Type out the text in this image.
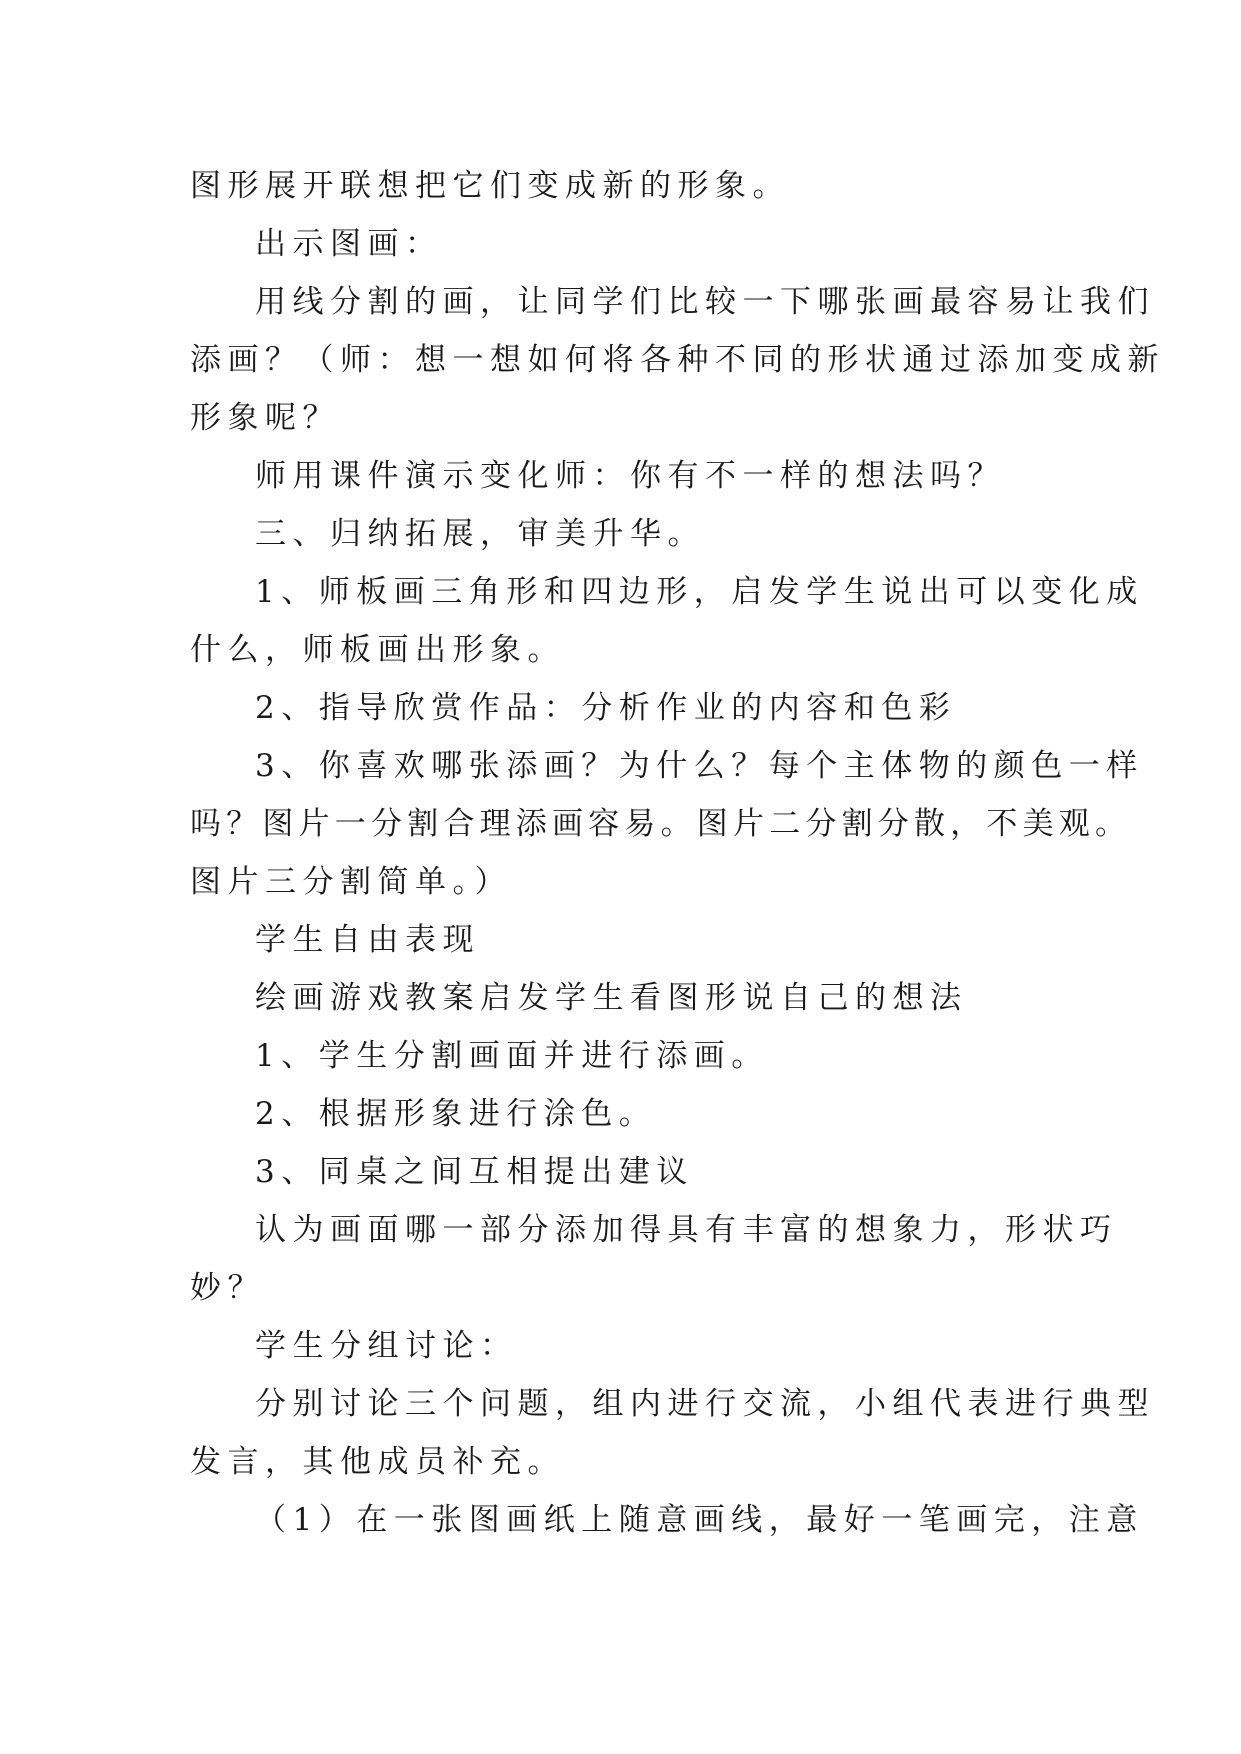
图形展开联想把它们变成新的形象。
出示图画：
用线分割的画，让同学们比较一下哪张画最容易让我们
添画？（师：想一想如何将各种不同的形状通过添加变成新
形象呢？
师用课件演示变化师：你有不一样的想法吗？
三、归纳拓展，审美升华。
1、师板画三角形和四边形，启发学生说出可以变化成
什么，师板画出形象。
2、指导欣赏作品：分析作业的内容和色彩
3、你喜欢哪张添画？为什么？每个主体物的颜色一样
吗？图片一分割合理添画容易。图片二分割分散，不美观。
图片三分割简单。）
学生自由表现
绘画游戏教案启发学生看图形说自己的想法
1、学生分割画面并进行添画。
2、根据形象进行涂色。
3、同桌之间互相提出建议
认为画面哪一部分添加得具有丰富的想象力，形状巧
妙？
学生分组讨论：
分别讨论三个问题，组内进行交流，小组代表进行典型
发言，其他成员补充。
（1）在一张图画纸上随意画线，最好一笔画完，注意
